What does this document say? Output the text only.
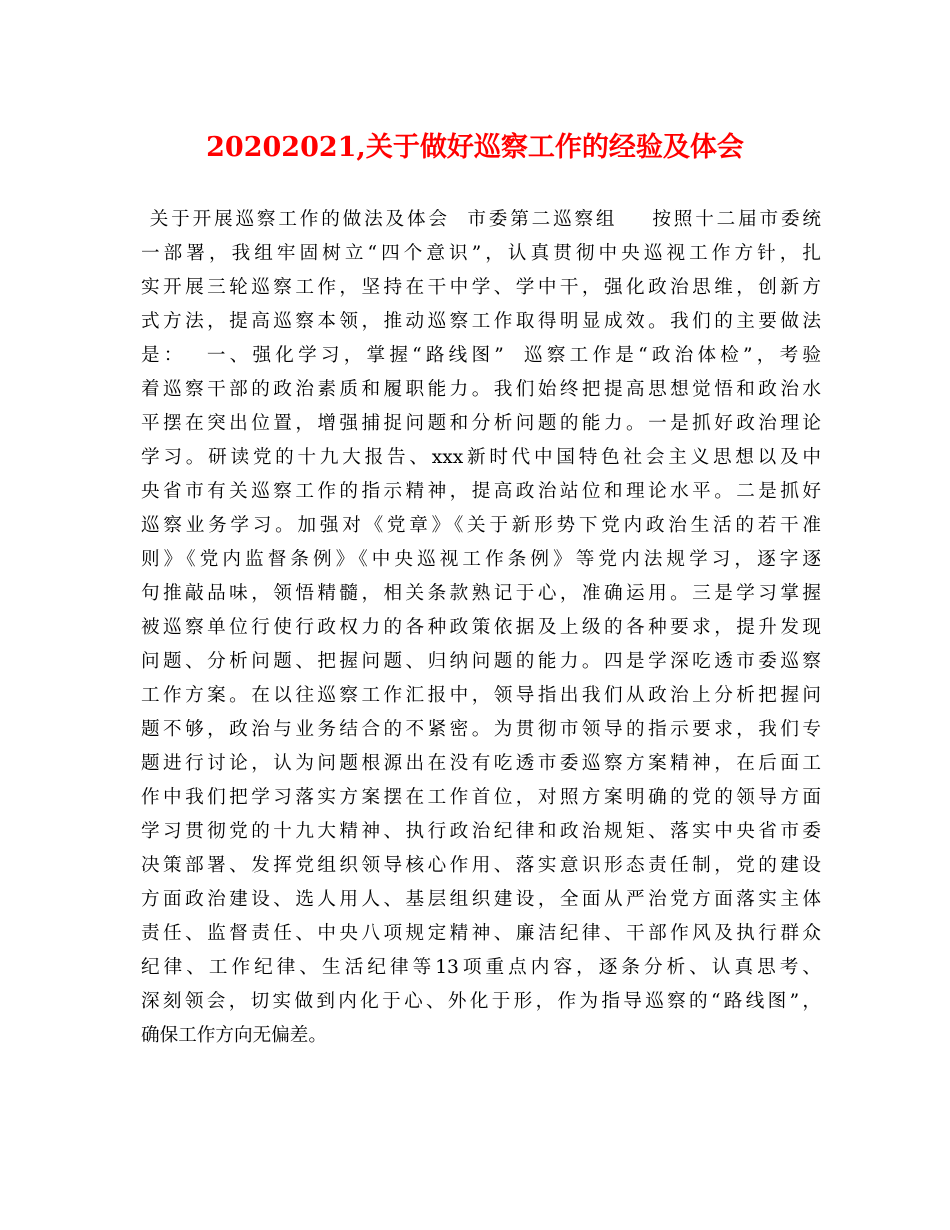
20202021,关于做好巡察工作的经验及体会
关于开展巡察工作的做法及体会  市委第二巡察组    按照十二届市委统
一部署，我组牢固树立“四个意识”，认真贯彻中央巡视工作方针，扎
实开展三轮巡察工作，坚持在干中学、学中干，强化政治思维，创新方
式方法，提高巡察本领，推动巡察工作取得明显成效。我们的主要做法
是：  一、强化学习，掌握“路线图”  巡察工作是“政治体检”，考验
着巡察干部的政治素质和履职能力。我们始终把提高思想觉悟和政治水
平摆在突出位置，增强捕捉问题和分析问题的能力。一是抓好政治理论
学习。研读党的十九大报告、xxx新时代中国特色社会主义思想以及中
央省市有关巡察工作的指示精神，提高政治站位和理论水平。二是抓好
巡察业务学习。加强对《党章》《关于新形势下党内政治生活的若干准
则》《党内监督条例》《中央巡视工作条例》等党内法规学习，逐字逐
句推敲品味，领悟精髓，相关条款熟记于心，准确运用。三是学习掌握
被巡察单位行使行政权力的各种政策依据及上级的各种要求，提升发现
问题、分析问题、把握问题、归纳问题的能力。四是学深吃透市委巡察
工作方案。在以往巡察工作汇报中，领导指出我们从政治上分析把握问
题不够，政治与业务结合的不紧密。为贯彻市领导的指示要求，我们专
题进行讨论，认为问题根源出在没有吃透市委巡察方案精神，在后面工
作中我们把学习落实方案摆在工作首位，对照方案明确的党的领导方面
学习贯彻党的十九大精神、执行政治纪律和政治规矩、落实中央省市委
决策部署、发挥党组织领导核心作用、落实意识形态责任制，党的建设
方面政治建设、选人用人、基层组织建设，全面从严治党方面落实主体
责任、监督责任、中央八项规定精神、廉洁纪律、干部作风及执行群众
纪律、工作纪律、生活纪律等13项重点内容，逐条分析、认真思考、
深刻领会，切实做到内化于心、外化于形，作为指导巡察的“路线图”，
确保工作方向无偏差。
